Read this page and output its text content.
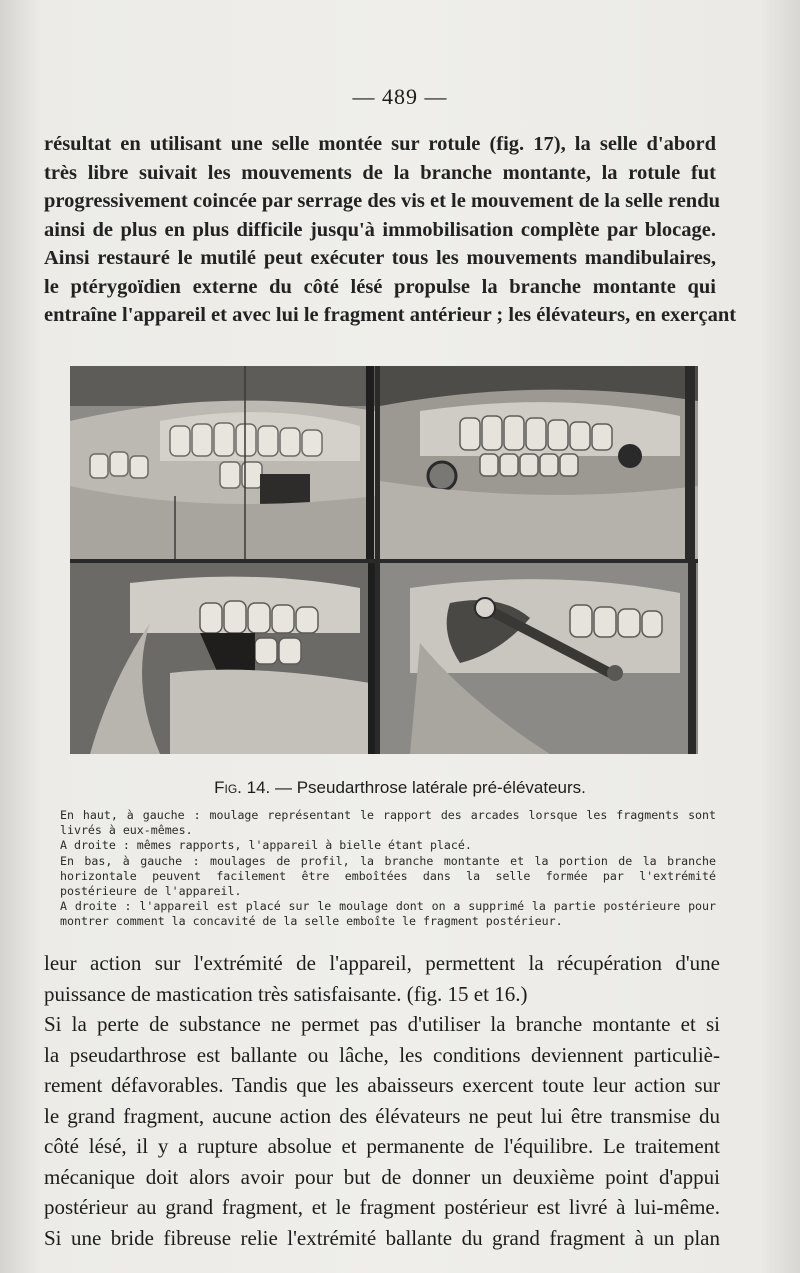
— 489 —
résultat en utilisant une selle montée sur rotule (fig. 17), la selle d'abord
très libre suivait les mouvements de la branche montante, la rotule fut
progressivement coincée par serrage des vis et le mouvement de la selle rendu
ainsi de plus en plus difficile jusqu'à immobilisation complète par blocage.
Ainsi restauré le mutilé peut exécuter tous les mouvements mandibulaires,
le ptérygoïdien externe du côté lésé propulse la branche montante qui
entraîne l'appareil et avec lui le fragment antérieur ; les élévateurs, en exerçant
Fig. 14. — Pseudarthrose latérale pré-élévateurs.

En haut, à gauche : moulage représentant le rapport des arcades lorsque les fragments sont livrés à eux-mêmes.

A droite : mêmes rapports, l'appareil à bielle étant placé.

En bas, à gauche : moulages de profil, la branche montante et la portion de la branche horizontale peuvent facilement être emboîtées dans la selle formée par l'extrémité postérieure de l'appareil.

A droite : l'appareil est placé sur le moulage dont on a supprimé la partie postérieure pour montrer comment la concavité de la selle emboîte le fragment postérieur.

leur action sur l'extrémité de l'appareil, permettent la récupération d'une
puissance de mastication très satisfaisante. (fig. 15 et 16.)
Si la perte de substance ne permet pas d'utiliser la branche montante et si
la pseudarthrose est ballante ou lâche, les conditions deviennent particuliè-
rement défavorables. Tandis que les abaisseurs exercent toute leur action sur
le grand fragment, aucune action des élévateurs ne peut lui être transmise du
côté lésé, il y a rupture absolue et permanente de l'équilibre. Le traitement
mécanique doit alors avoir pour but de donner un deuxième point d'appui
postérieur au grand fragment, et le fragment postérieur est livré à lui-même.
Si une bride fibreuse relie l'extrémité ballante du grand fragment à un plan
